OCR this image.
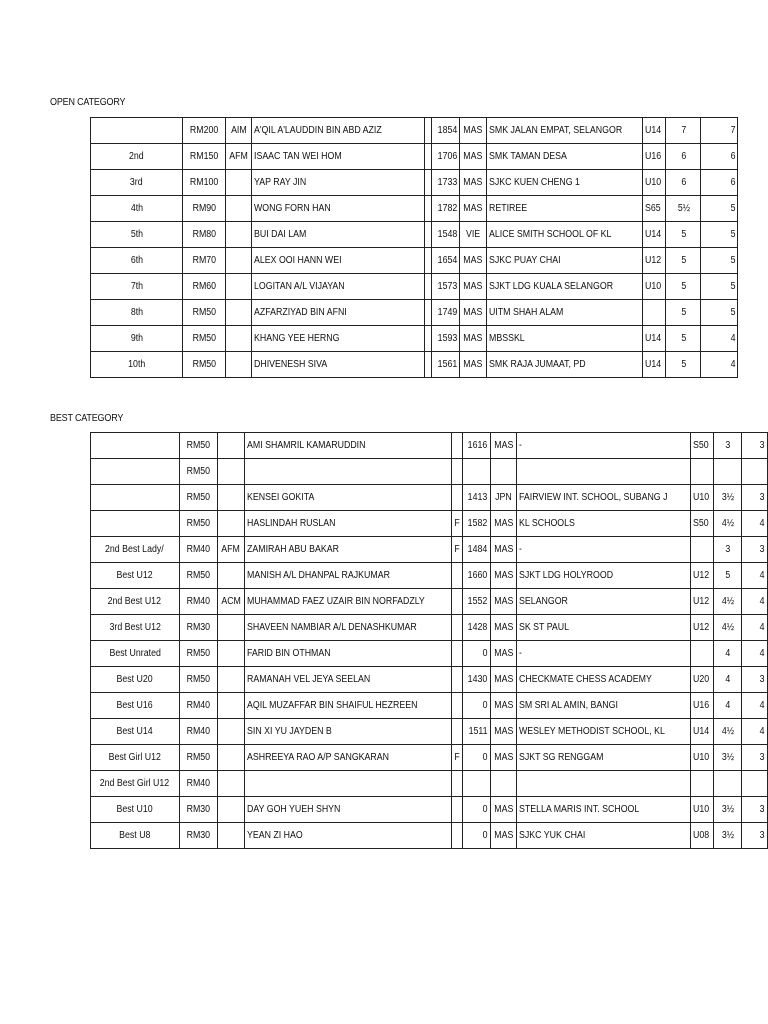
OPEN CATEGORY
	RM200	AIM	A'QIL A'LAUDDIN BIN ABD AZIZ		1854	MAS	SMK JALAN EMPAT, SELANGOR	U14	7	7
2nd	RM150	AFM	ISAAC TAN WEI HOM		1706	MAS	SMK TAMAN DESA	U16	6	6
3rd	RM100		YAP RAY JIN		1733	MAS	SJKC KUEN CHENG 1	U10	6	6
4th	RM90		WONG FORN HAN		1782	MAS	RETIREE	S65	5½	5
5th	RM80		BUI DAI LAM		1548	VIE	ALICE SMITH SCHOOL OF KL	U14	5	5
6th	RM70		ALEX OOI HANN WEI		1654	MAS	SJKC PUAY CHAI	U12	5	5
7th	RM60		LOGITAN A/L VIJAYAN		1573	MAS	SJKT LDG KUALA SELANGOR	U10	5	5
8th	RM50		AZFARZIYAD BIN AFNI		1749	MAS	UITM SHAH ALAM		5	5
9th	RM50		KHANG YEE HERNG		1593	MAS	MBSSKL	U14	5	4
10th	RM50		DHIVENESH SIVA		1561	MAS	SMK RAJA JUMAAT, PD	U14	5	4
BEST CATEGORY
	RM50		AMI SHAMRIL KAMARUDDIN		1616	MAS	-	S50	3	3
	RM50									
	RM50		KENSEI GOKITA		1413	JPN	FAIRVIEW INT. SCHOOL, SUBANG J	U10	3½	3
	RM50		HASLINDAH RUSLAN	F	1582	MAS	KL SCHOOLS	S50	4½	4
2nd Best Lady/	RM40	AFM	ZAMIRAH ABU BAKAR	F	1484	MAS	-		3	3
Best U12	RM50		MANISH A/L DHANPAL RAJKUMAR		1660	MAS	SJKT LDG HOLYROOD	U12	5	4
2nd Best U12	RM40	ACM	MUHAMMAD FAEZ UZAIR BIN NORFADZLY		1552	MAS	SELANGOR	U12	4½	4
3rd Best U12	RM30		SHAVEEN NAMBIAR A/L DENASHKUMAR		1428	MAS	SK ST PAUL	U12	4½	4
Best Unrated	RM50		FARID BIN OTHMAN		0	MAS	-		4	4
Best U20	RM50		RAMANAH VEL JEYA SEELAN		1430	MAS	CHECKMATE CHESS ACADEMY	U20	4	3
Best U16	RM40		AQIL MUZAFFAR BIN SHAIFUL HEZREEN		0	MAS	SM SRI AL AMIN, BANGI	U16	4	4
Best U14	RM40		SIN XI YU JAYDEN B		1511	MAS	WESLEY METHODIST SCHOOL, KL	U14	4½	4
Best Girl U12	RM50		ASHREEYA RAO A/P SANGKARAN	F	0	MAS	SJKT SG RENGGAM	U10	3½	3
2nd Best Girl U12	RM40									
Best U10	RM30		DAY GOH YUEH SHYN		0	MAS	STELLA MARIS INT. SCHOOL	U10	3½	3
Best U8	RM30		YEAN ZI HAO		0	MAS	SJKC YUK CHAI	U08	3½	3
